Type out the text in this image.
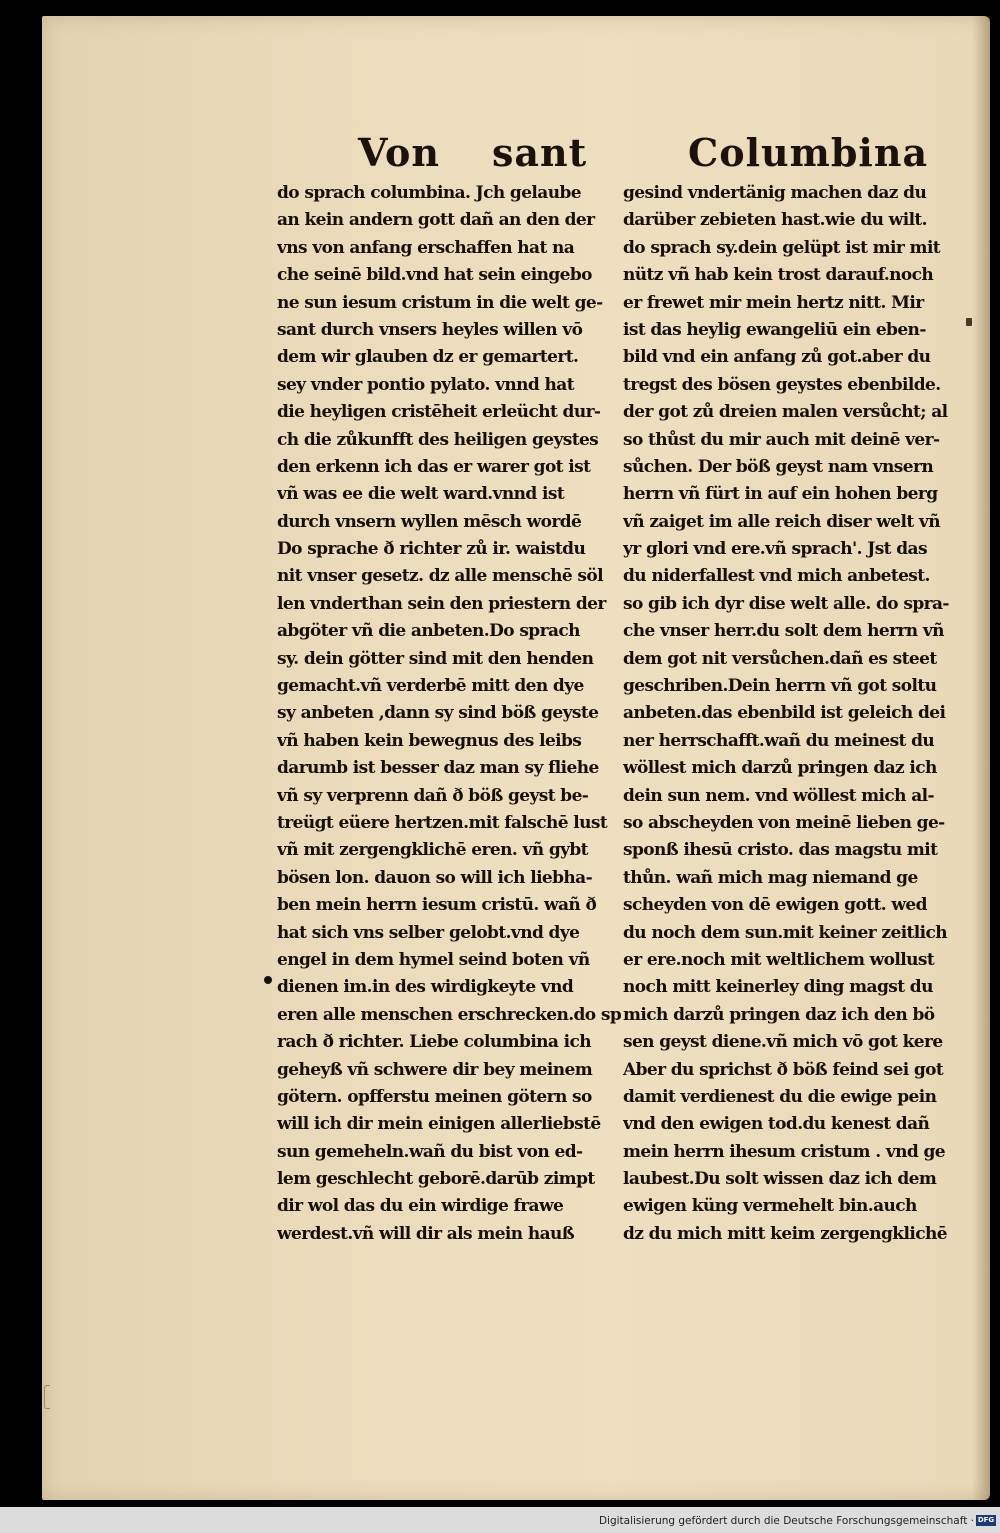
Von sant	Columbina
do sprach columbina. Jch gelaube
an kein andern gott dañ an den der
vns von anfang erschaffen hat na
che seinē bild.vnd hat sein eingebo
ne sun iesum cristum in die welt ge-
sant durch vnsers heyles willen vō
dem wir glauben dz er gemartert.
sey vnder pontio pylato. vnnd hat
die heyligen cristēheit erleücht dur-
ch die zůkunfft des heiligen geystes
den erkenn ich das er warer got ist
vñ was ee die welt ward.vnnd ist
durch vnsern wyllen mēsch wordē
Do sprache ð richter zů ir. waistdu
nit vnser gesetz. dz alle menschē söl
len vnderthan sein den priestern der
abgöter vñ die anbeten.Do sprach
sy. dein götter sind mit den henden
gemacht.vñ verderbē mitt den dye
sy anbeten ,dann sy sind böß geyste
vñ haben kein bewegnus des leibs
darumb ist besser daz man sy fliehe
vñ sy verprenn dañ ð böß geyst be-
treügt eüere hertzen.mit falschē lust
vñ mit zergengklichē eren. vñ gybt
bösen lon. dauon so will ich liebha-
ben mein herrn iesum cristū. wañ ð
hat sich vns selber gelobt.vnd dye
engel in dem hymel seind boten vñ
dienen im.in des wirdigkeyte vnd
eren alle menschen erschrecken.do sp
rach ð richter. Liebe columbina ich
geheyß vñ schwere dir bey meinem
götern. opfferstu meinen götern so
will ich dir mein einigen allerliebstē
sun gemeheln.wañ du bist von ed-
lem geschlecht geborē.darūb zimpt
dir wol das du ein wirdige frawe
werdest.vñ will dir als mein hauß
gesind vndertänig machen daz du
darüber zebieten hast.wie du wilt.
do sprach sy.dein gelüpt ist mir mit
nütz vñ hab kein trost darauf.noch
er frewet mir mein hertz nitt. Mir
ist das heylig ewangeliū ein eben-
bild vnd ein anfang zů got.aber du
tregst des bösen geystes ebenbilde.
der got zů dreien malen versůcht; al
so thůst du mir auch mit deinē ver-
sůchen. Der böß geyst nam vnsern
herrn vñ fürt in auf ein hohen berg
vñ zaiget im alle reich diser welt vñ
yr glori vnd ere.vñ sprach'. Jst das
du niderfallest vnd mich anbetest.
so gib ich dyr dise welt alle. do spra-
che vnser herr.du solt dem herrn vñ
dem got nit versůchen.dañ es steet
geschriben.Dein herrn vñ got soltu
anbeten.das ebenbild ist geleich dei
ner herrschafft.wañ du meinest du
wöllest mich darzů pringen daz ich
dein sun nem. vnd wöllest mich al-
so abscheyden von meinē lieben ge-
sponß ihesū cristo. das magstu mit
thůn. wañ mich mag niemand ge
scheyden von dē ewigen gott. wed
du noch dem sun.mit keiner zeitlich
er ere.noch mit weltlichem wollust
noch mitt keinerley ding magst du
mich darzů pringen daz ich den bö
sen geyst diene.vñ mich vō got kere
Aber du sprichst ð böß feind sei got
damit verdienest du die ewige pein
vnd den ewigen tod.du kenest dañ
mein herrn ihesum cristum . vnd ge
laubest.Du solt wissen daz ich dem
ewigen küng vermehelt bin.auch
dz du mich mitt keim zergengklichē
Digitalisierung gefördert durch die Deutsche Forschungsgemeinschaft · DFG
